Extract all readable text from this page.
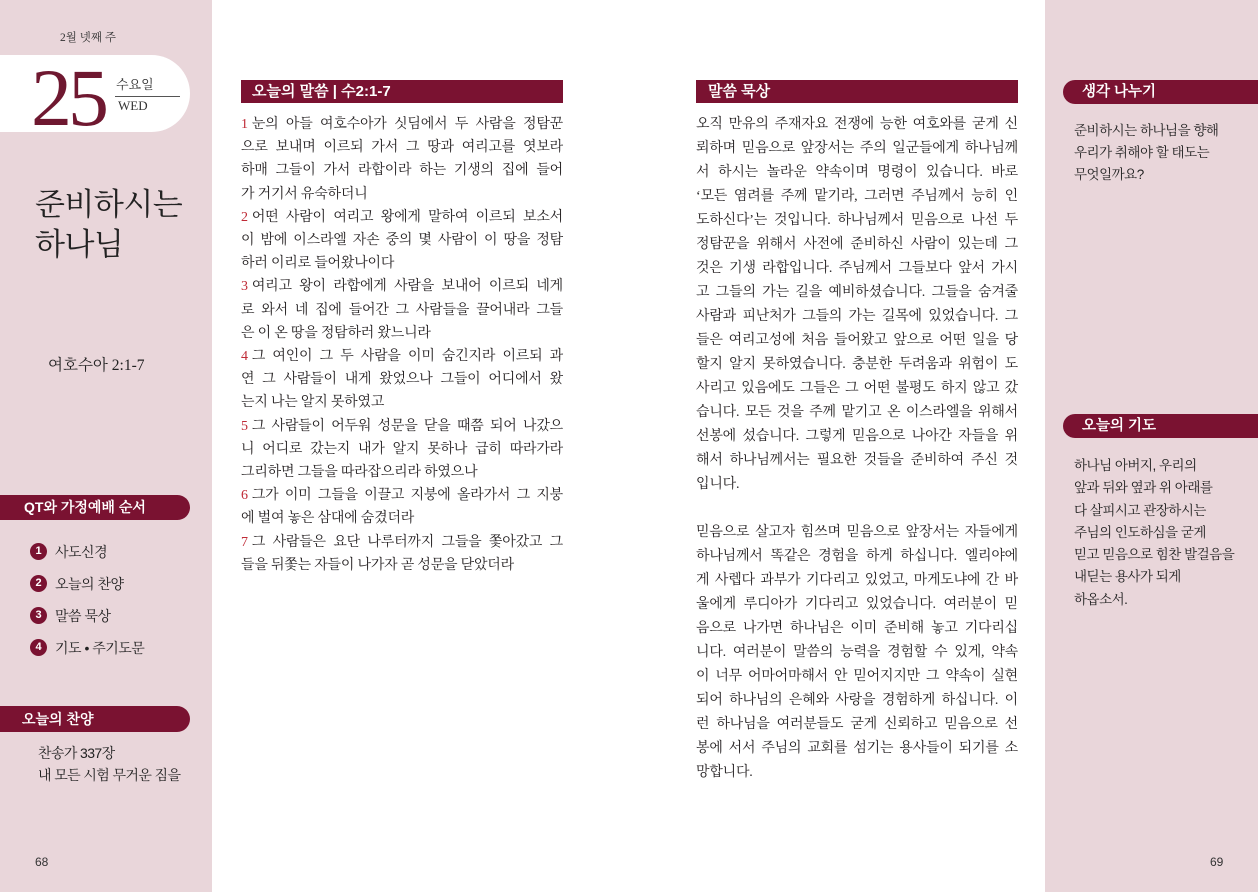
2월 넷째 주
25 수요일
WED
준비하시는
하나님
여호수아 2:1-7
QT와 가정예배 순서
1 사도신경
2 오늘의 찬양
3 말씀 묵상
4 기도 • 주기도문
오늘의 찬양
찬송가 337장
내 모든 시험 무거운 짐을
68
오늘의 말씀 | 수2:1-7
1 눈의 아들 여호수아가 싯딤에서 두 사람을 정탐꾼
으로 보내며 이르되 가서 그 땅과 여리고를 엿보라
하매 그들이 가서 라합이라 하는 기생의 집에 들어
가 거기서 유숙하더니
2 어떤 사람이 여리고 왕에게 말하여 이르되 보소서
이 밤에 이스라엘 자손 중의 몇 사람이 이 땅을 정탐
하러 이리로 들어왔나이다
3 여리고 왕이 라합에게 사람을 보내어 이르되 네게
로 와서 네 집에 들어간 그 사람들을 끌어내라 그들
은 이 온 땅을 정탐하러 왔느니라
4 그 여인이 그 두 사람을 이미 숨긴지라 이르되 과
연 그 사람들이 내게 왔었으나 그들이 어디에서 왔
는지 나는 알지 못하였고
5 그 사람들이 어두워 성문을 닫을 때쯤 되어 나갔으
니 어디로 갔는지 내가 알지 못하나 급히 따라가라
그리하면 그들을 따라잡으리라 하였으나
6 그가 이미 그들을 이끌고 지붕에 올라가서 그 지붕
에 벌여 놓은 삼대에 숨겼더라
7 그 사람들은 요단 나루터까지 그들을 쫓아갔고 그
들을 뒤쫓는 자들이 나가자 곧 성문을 닫았더라
말씀 묵상
오직 만유의 주재자요 전쟁에 능한 여호와를 굳게 신
뢰하며 믿음으로 앞장서는 주의 일군들에게 하나님께
서 하시는 놀라운 약속이며 명령이 있습니다. 바로
‘모든 염려를 주께 맡기라, 그러면 주님께서 능히 인
도하신다’는 것입니다. 하나님께서 믿음으로 나선 두
정탐꾼을 위해서 사전에 준비하신 사람이 있는데 그
것은 기생 라합입니다. 주님께서 그들보다 앞서 가시
고 그들의 가는 길을 예비하셨습니다. 그들을 숨겨줄
사람과 피난처가 그들의 가는 길목에 있었습니다. 그
들은 여리고성에 처음 들어왔고 앞으로 어떤 일을 당
할지 알지 못하였습니다. 충분한 두려움과 위험이 도
사리고 있음에도 그들은 그 어떤 불평도 하지 않고 갔
습니다. 모든 것을 주께 맡기고 온 이스라엘을 위해서
선봉에 섰습니다. 그렇게 믿음으로 나아간 자들을 위
해서 하나님께서는 필요한 것들을 준비하여 주신 것
입니다.
믿음으로 살고자 힘쓰며 믿음으로 앞장서는 자들에게
하나님께서 똑같은 경험을 하게 하십니다. 엘리야에
게 사렙다 과부가 기다리고 있었고, 마게도냐에 간 바
울에게 루디아가 기다리고 있었습니다. 여러분이 믿
음으로 나가면 하나님은 이미 준비해 놓고 기다리십
니다. 여러분이 말씀의 능력을 경험할 수 있게, 약속
이 너무 어마어마해서 안 믿어지지만 그 약속이 실현
되어 하나님의 은혜와 사랑을 경험하게 하십니다. 이
런 하나님을 여러분들도 굳게 신뢰하고 믿음으로 선
봉에 서서 주님의 교회를 섬기는 용사들이 되기를 소
망합니다.
생각 나누기
준비하시는 하나님을 향해
우리가 취해야 할 태도는
무엇일까요?
오늘의 기도
하나님 아버지, 우리의
앞과 뒤와 옆과 위 아래를
다 살피시고 관장하시는
주님의 인도하심을 굳게
믿고 믿음으로 힘찬 발걸음을
내딛는 용사가 되게
하옵소서.
69
